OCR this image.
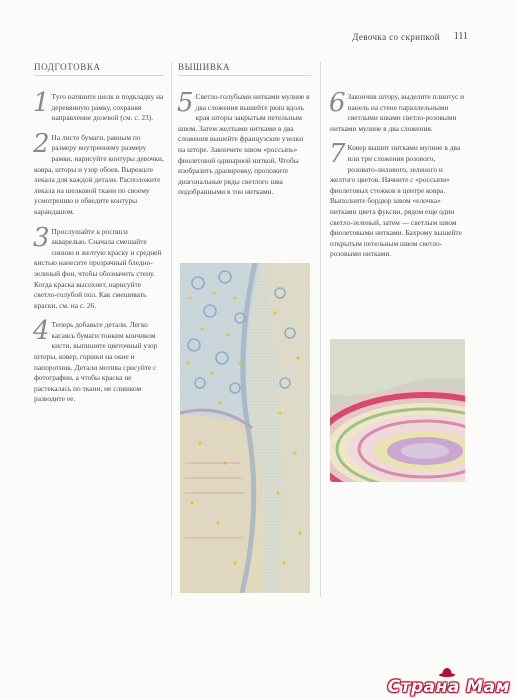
Девочка со скрипкой 111
ПОДГОТОВКА
1 Туго натяните шелк и подкладку на деревянную рамку, сохраняя направление долевой (см. с. 23).

2 На листе бумаги, равным по размеру внутреннему размеру рамки, нарисуйте контуры девочки, ковра, шторы и узор обоев. Вырежьте лекала для каждой детали. Расположите лекала на шелковой ткани по своему усмотрению и обведите контуры карандашом.

3 Прослушайте к росписи акварелью. Сначала смешайте синюю и желтую краску и средней кистью нанесите прозрачный бледно-зеленый фон, чтобы обозначить стену. Когда краска высохнет, нарисуйте светло-голубой пол. Как смешивать краски, см. на с. 26.

4 Теперь добавьте детали. Легко касаясь бумаги тонким кончиком кисти, выпишите цветочный узор шторы, ковер, горшки на окне и папоротник. Детали мотива срисуйте с фотографии, а чтобы краска не растекалась по ткани, не слишком разводите ее.

ВЫШИВКА
5 Светло-голубыми нитками мулине в два сложения вышейте рюш вдоль края шторы закрытым петельным швом. Затем желтыми нитками в два сложения вышейте французские узелки на шторе. Закончите швом «россыпь» фиолетовой одинарной ниткой. Чтобы изобразить драпировку, проложите диагональные ряды светлого шва подобранными в тон нитками.

6 Закончив штору, выделите плинтус и панель на стене параллельными светлыми швами светло-розовыми нитками мулине в два сложения.

7 Ковер вышит нитками мулине в два или три сложения розового, розовато-лилового, зеленого и желтого цветов. Начните с «россыпи» фиолетовых стежков в центре ковра. Выполните бордюр швом «елочка» нитками цвета фуксии, рядом еще один светло-зеленый, затем — светлым швом фиолетовыми нитками. Бахрому вышейте открытым петельным швом светло-розовыми нитками.

Страна Мам
